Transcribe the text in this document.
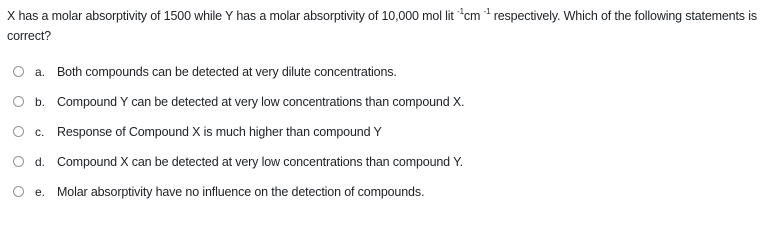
X has a molar absorptivity of 1500 while Y has a molar absorptivity of 10,000 mol lit $^{-1}$cm $^{-1}$ respectively. Which of the following statements is correct?
a. Both compounds can be detected at very dilute concentrations.
b. Compound Y can be detected at very low concentrations than compound X.
c. Response of Compound X is much higher than compound Y
d. Compound X can be detected at very low concentrations than compound Y.
e. Molar absorptivity have no influence on the detection of compounds.
